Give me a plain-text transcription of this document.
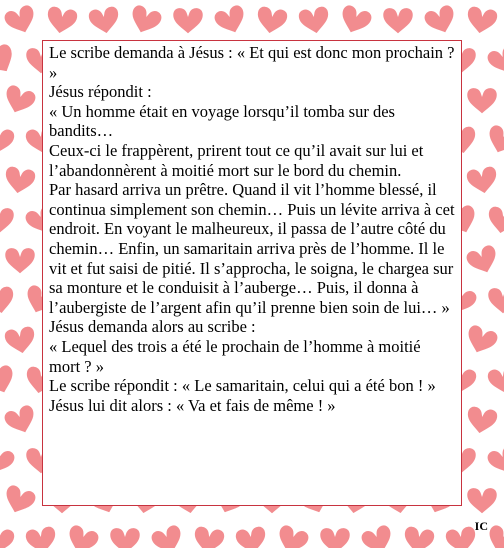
Le scribe demanda à Jésus : « Et qui est donc mon prochain ? »

Jésus répondit :

« Un homme était en voyage lorsqu’il tomba sur des bandits…

Ceux-ci le frappèrent, prirent tout ce qu’il avait sur lui et l’abandonnèrent à moitié mort sur le bord du chemin.

Par hasard arriva un prêtre. Quand il vit l’homme blessé, il continua simplement son chemin… Puis un lévite arriva à cet endroit. En voyant le malheureux, il passa de l’autre côté du chemin… Enfin, un samaritain arriva près de l’homme. Il le vit et fut saisi de pitié. Il s’approcha, le soigna, le chargea sur sa monture et le conduisit à l’auberge… Puis, il donna à l’aubergiste de l’argent afin qu’il prenne bien soin de lui… »

Jésus demanda alors au scribe :

« Lequel des trois a été le prochain de l’homme à moitié mort ? »

Le scribe répondit : « Le samaritain, celui qui a été bon ! »

Jésus lui dit alors : « Va et fais de même ! »

IC
